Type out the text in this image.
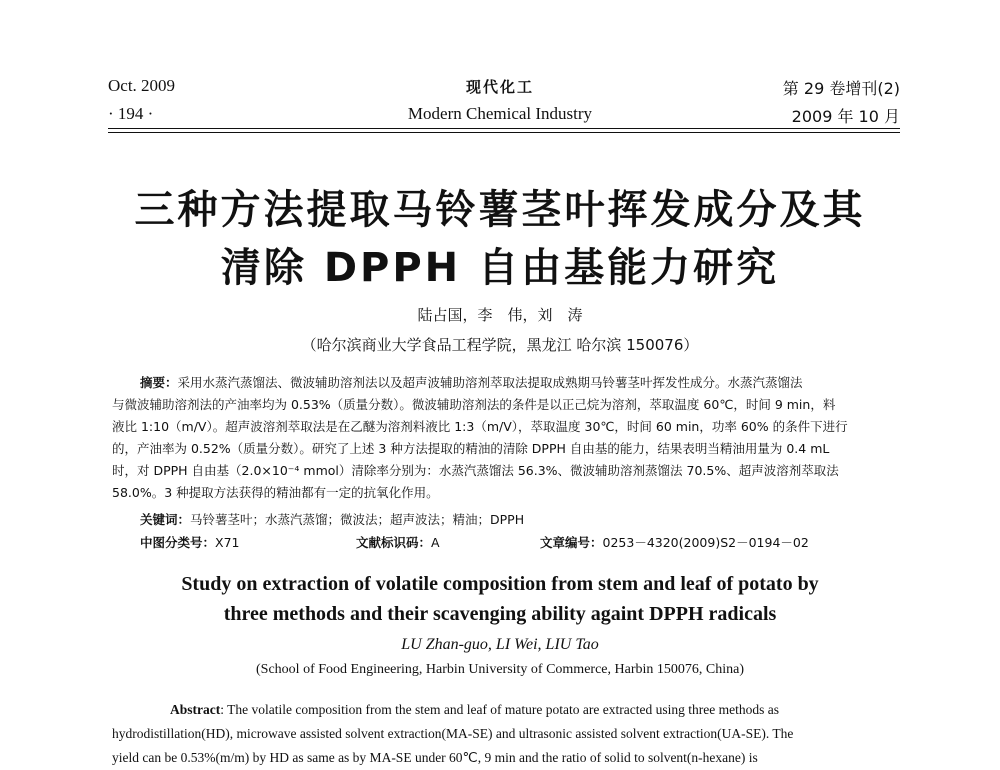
Oct. 2009
· 194 ·
现代化工
Modern Chemical Industry
第 29 卷增刊(2)
2009 年 10 月
三种方法提取马铃薯茎叶挥发成分及其
清除 DPPH 自由基能力研究
陆占国，李　伟，刘　涛
（哈尔滨商业大学食品工程学院，黑龙江 哈尔滨 150076）
摘要：采用水蒸汽蒸馏法、微波辅助溶剂法以及超声波辅助溶剂萃取法提取成熟期马铃薯茎叶挥发性成分。水蒸汽蒸馏法
与微波辅助溶剂法的产油率均为 0.53%（质量分数）。微波辅助溶剂法的条件是以正己烷为溶剂，萃取温度 60℃，时间 9 min，料
液比 1:10（m/V）。超声波溶剂萃取法是在乙醚为溶剂料液比 1:3（m/V），萃取温度 30℃，时间 60 min，功率 60% 的条件下进行
的，产油率为 0.52%（质量分数）。研究了上述 3 种方法提取的精油的清除 DPPH 自由基的能力，结果表明当精油用量为 0.4 mL
时，对 DPPH 自由基（2.0×10⁻⁴ mmol）清除率分别为：水蒸汽蒸馏法 56.3%、微波辅助溶剂蒸馏法 70.5%、超声波溶剂萃取法
58.0%。3 种提取方法获得的精油都有一定的抗氧化作用。
关键词：马铃薯茎叶；水蒸汽蒸馏；微波法；超声波法；精油；DPPH
中图分类号：X71	文献标识码：A	文章编号：0253－4320(2009)S2－0194－02
Study on extraction of volatile composition from stem and leaf of potato by
three methods and their scavenging ability againt DPPH radicals
LU Zhan-guo, LI Wei, LIU Tao
(School of Food Engineering, Harbin University of Commerce, Harbin 150076, China)
Abstract: The volatile composition from the stem and leaf of mature potato are extracted using three methods as
hydrodistillation(HD), microwave assisted solvent extraction(MA-SE) and ultrasonic assisted solvent extraction(UA-SE). The
yield can be 0.53%(m/m) by HD as same as by MA-SE under 60℃, 9 min and the ratio of solid to solvent(n-hexane) is
